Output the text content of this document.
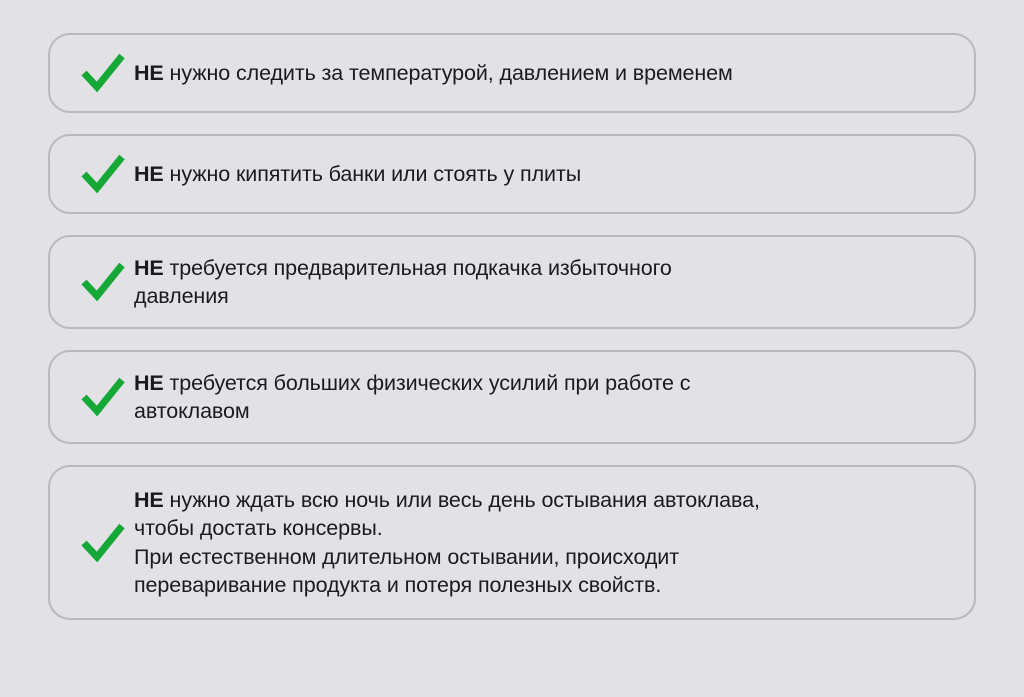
НЕ нужно следить за температурой, давлением и временем
НЕ нужно кипятить банки или стоять у плиты
НЕ требуется предварительная подкачка избыточного
давления
НЕ требуется больших физических усилий при работе с
автоклавом
НЕ нужно ждать всю ночь или весь день остывания автоклава,
чтобы достать консервы.
При естественном длительном остывании, происходит
переваривание продукта и потеря полезных свойств.
